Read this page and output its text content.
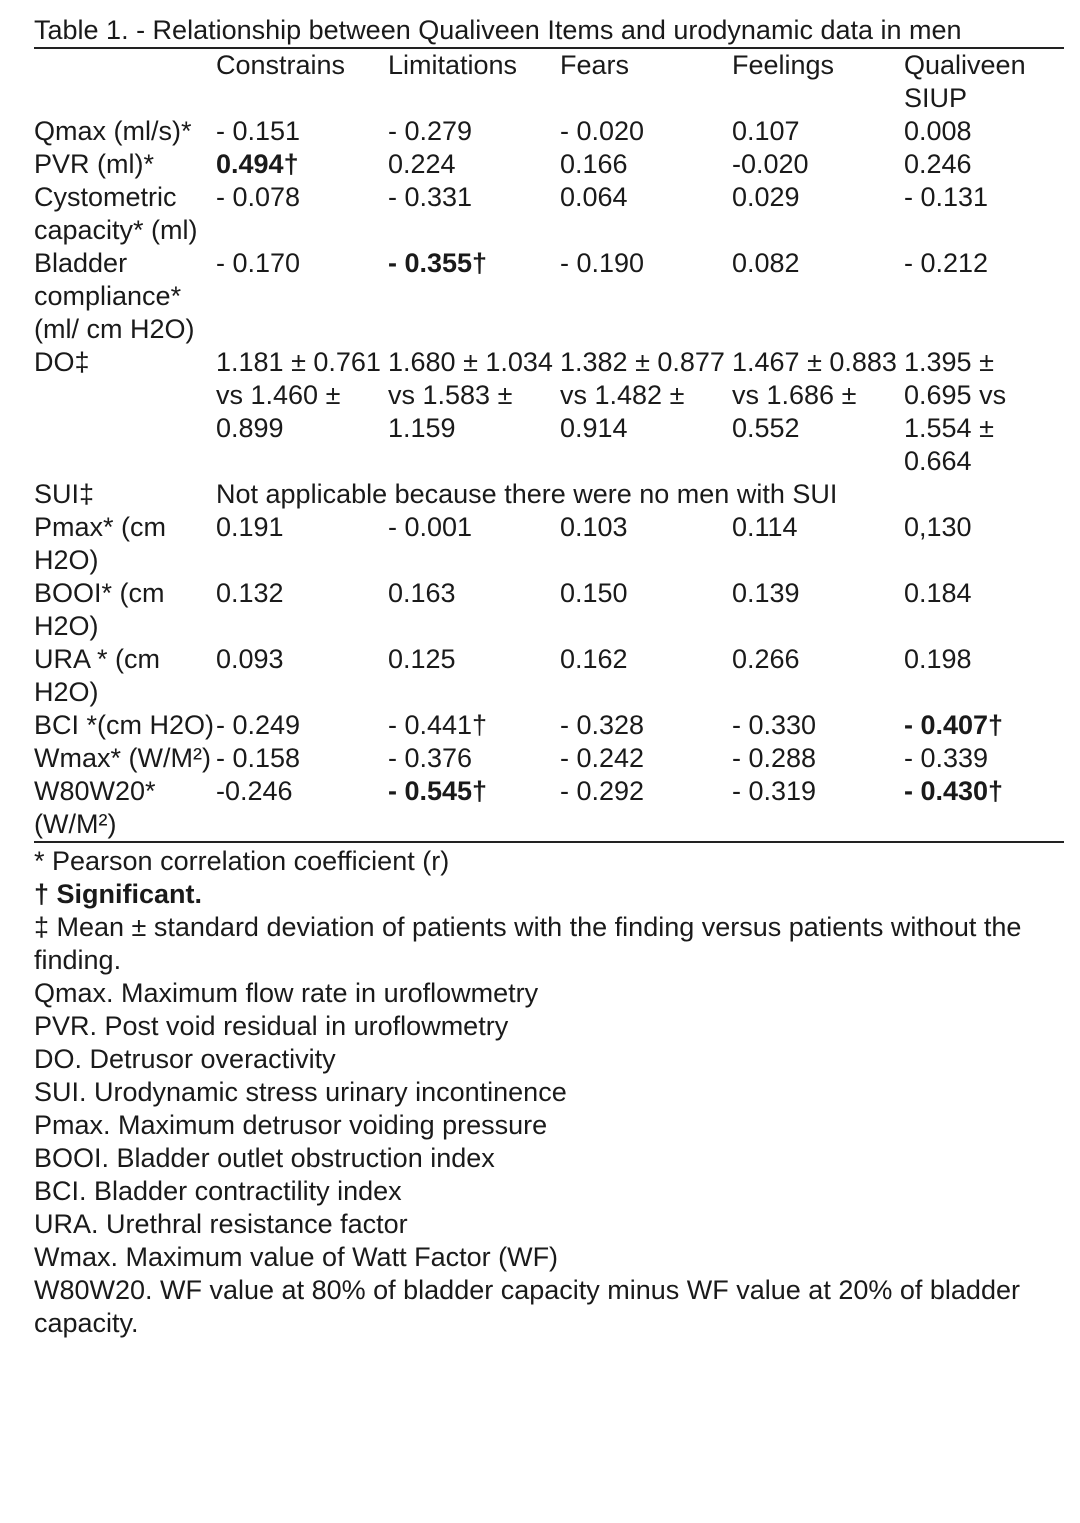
Table 1. - Relationship between Qualiveen Items and urodynamic data in men

	Constrains	Limitations	Fears	Feelings	Qualiveen SIUP
Qmax (ml/s)*	- 0.151	- 0.279	- 0.020	0.107	0.008
PVR (ml)*	0.494†	0.224	0.166	-0.020	0.246
Cystometric capacity* (ml)	- 0.078	- 0.331	0.064	0.029	- 0.131
Bladder compliance* (ml/ cm H2O)	- 0.170	- 0.355†	- 0.190	0.082	- 0.212
DO‡	1.181 ± 0.761 vs 1.460 ± 0.899	1.680 ± 1.034 vs 1.583 ± 1.159	1.382 ± 0.877 vs 1.482 ± 0.914	1.467 ± 0.883 vs 1.686 ± 0.552	1.395 ± 0.695 vs 1.554 ± 0.664
SUI‡	Not applicable because there were no men with SUI				
Pmax* (cm H2O)	0.191	- 0.001	0.103	0.114	0,130
BOOI* (cm H2O)	0.132	0.163	0.150	0.139	0.184
URA * (cm H2O)	0.093	0.125	0.162	0.266	0.198
BCI *(cm H2O)	- 0.249	- 0.441†	- 0.328	- 0.330	- 0.407†
Wmax* (W/M²)	- 0.158	- 0.376	- 0.242	- 0.288	- 0.339
W80W20* (W/M²)	-0.246	- 0.545†	- 0.292	- 0.319	- 0.430†
* Pearson correlation coefficient (r)
† Significant.
‡ Mean ± standard deviation of patients with the finding versus patients without the finding.
Qmax. Maximum flow rate in uroflowmetry
PVR. Post void residual in uroflowmetry
DO. Detrusor overactivity
SUI. Urodynamic stress urinary incontinence
Pmax. Maximum detrusor voiding pressure
BOOI. Bladder outlet obstruction index
BCI. Bladder contractility index
URA. Urethral resistance factor
Wmax. Maximum value of Watt Factor (WF)
W80W20. WF value at 80% of bladder capacity minus WF value at 20% of bladder capacity.
